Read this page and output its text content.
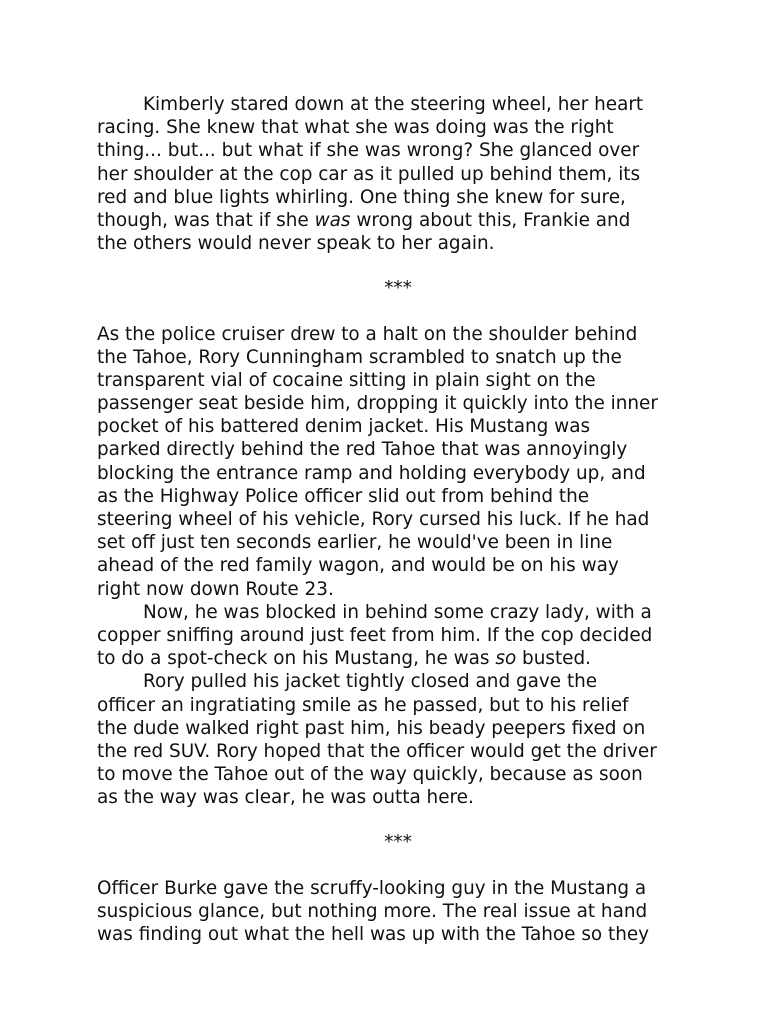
Kimberly stared down at the steering wheel, her heart
racing. She knew that what she was doing was the right
thing... but... but what if she was wrong? She glanced over
her shoulder at the cop car as it pulled up behind them, its
red and blue lights whirling. One thing she knew for sure,
though, was that if she was wrong about this, Frankie and
the others would never speak to her again.
***
As the police cruiser drew to a halt on the shoulder behind
the Tahoe, Rory Cunningham scrambled to snatch up the
transparent vial of cocaine sitting in plain sight on the
passenger seat beside him, dropping it quickly into the inner
pocket of his battered denim jacket. His Mustang was
parked directly behind the red Tahoe that was annoyingly
blocking the entrance ramp and holding everybody up, and
as the Highway Police officer slid out from behind the
steering wheel of his vehicle, Rory cursed his luck. If he had
set off just ten seconds earlier, he would've been in line
ahead of the red family wagon, and would be on his way
right now down Route 23.
Now, he was blocked in behind some crazy lady, with a
copper sniffing around just feet from him. If the cop decided
to do a spot-check on his Mustang, he was so busted.
Rory pulled his jacket tightly closed and gave the
officer an ingratiating smile as he passed, but to his relief
the dude walked right past him, his beady peepers fixed on
the red SUV. Rory hoped that the officer would get the driver
to move the Tahoe out of the way quickly, because as soon
as the way was clear, he was outta here.
***
Officer Burke gave the scruffy-looking guy in the Mustang a
suspicious glance, but nothing more. The real issue at hand
was finding out what the hell was up with the Tahoe so they
